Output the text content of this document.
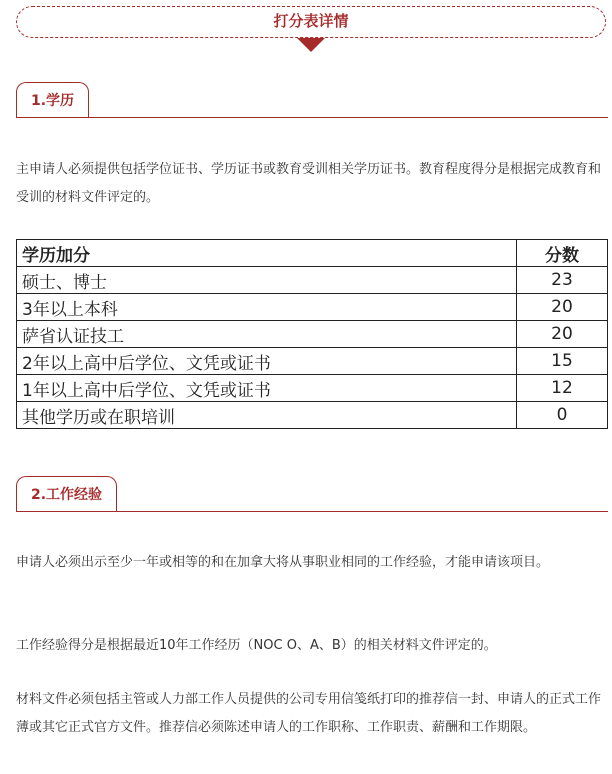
打分表详情
1.学历

主申请人必须提供包括学位证书、学历证书或教育受训相关学历证书。教育程度得分是根据完成教育和受训的材料文件评定的。

学历加分	分数
硕士、博士	23
3年以上本科	20
萨省认证技工	20
2年以上高中后学位、文凭或证书	15
1年以上高中后学位、文凭或证书	12
其他学历或在职培训	0
2.工作经验

申请人必须出示至少一年或相等的和在加拿大将从事职业相同的工作经验，才能申请该项目。

工作经验得分是根据最近10年工作经历（NOC O、A、B）的相关材料文件评定的。

材料文件必须包括主管或人力部工作人员提供的公司专用信笺纸打印的推荐信一封、申请人的正式工作薄或其它正式官方文件。推荐信必须陈述申请人的工作职称、工作职责、薪酬和工作期限。
